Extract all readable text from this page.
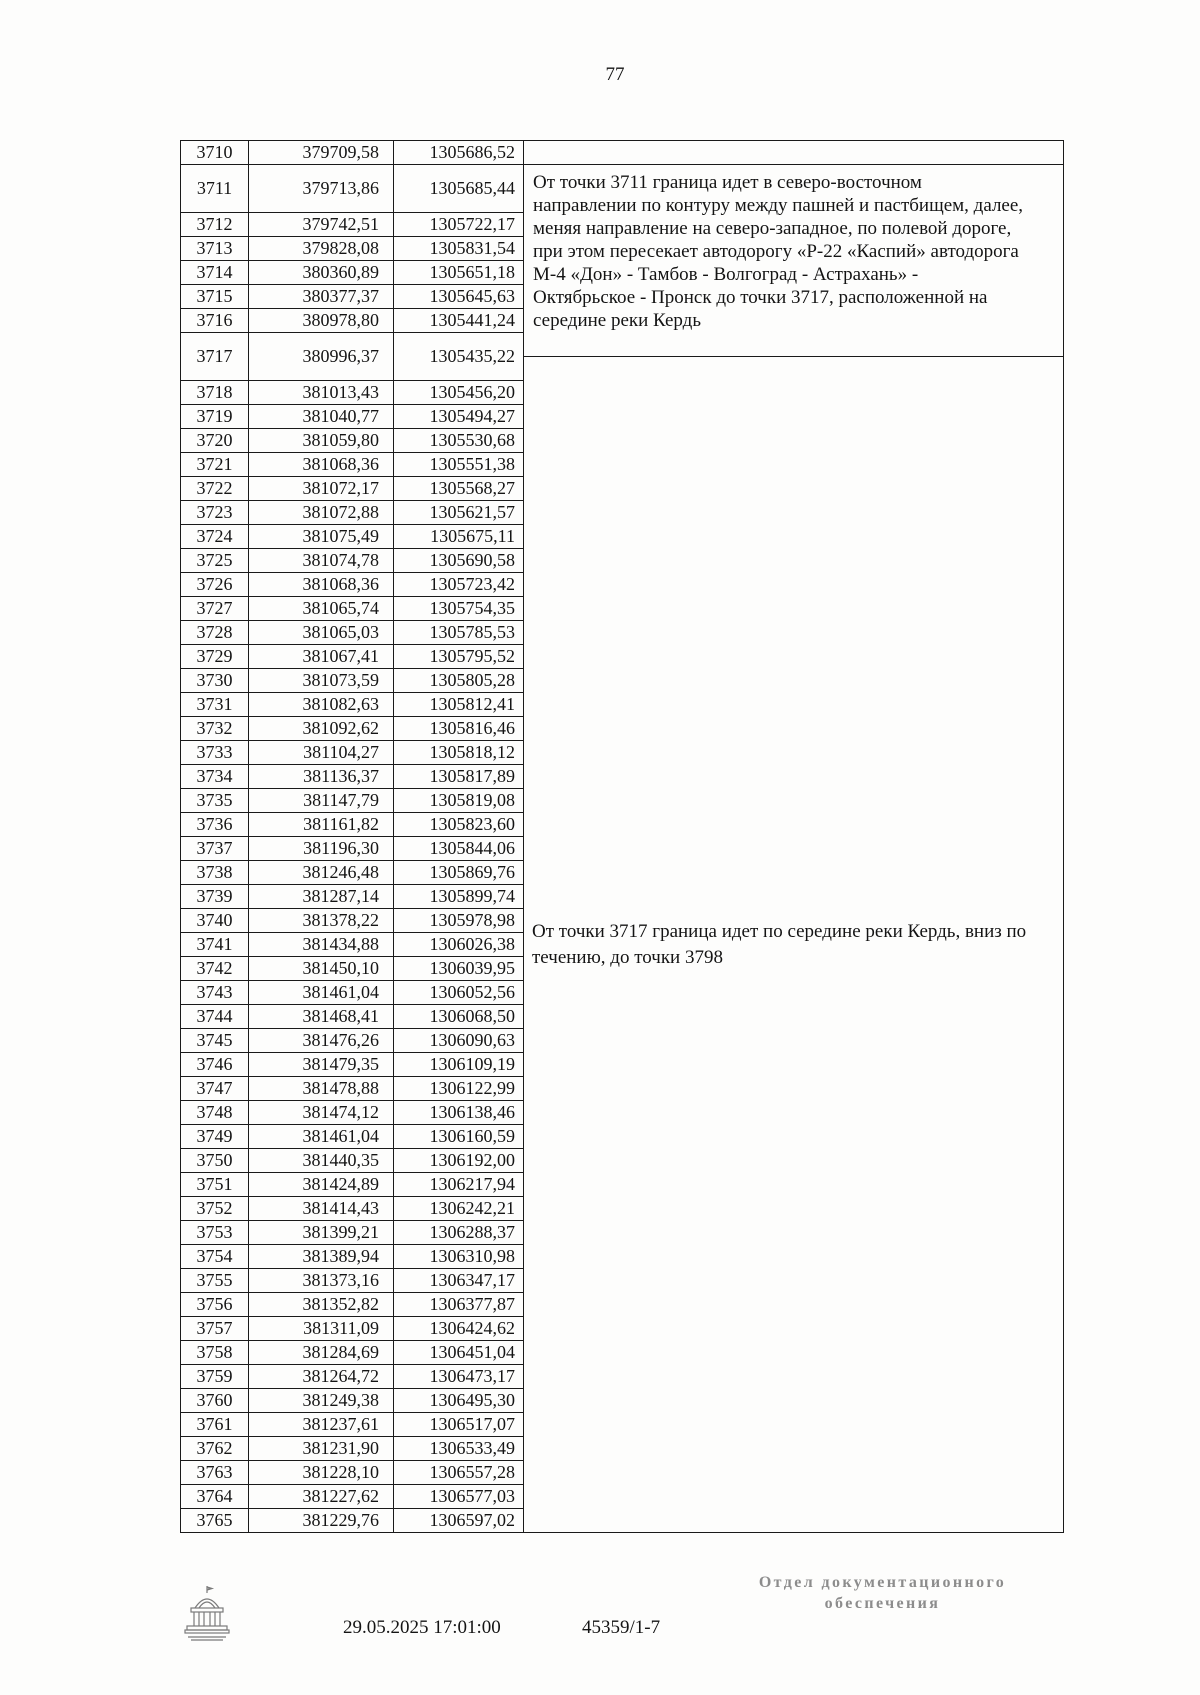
77
3710	379709,58	1305686,52
3711	379713,86	1305685,44
3712	379742,51	1305722,17
3713	379828,08	1305831,54
3714	380360,89	1305651,18
3715	380377,37	1305645,63
3716	380978,80	1305441,24
3717	380996,37	1305435,22
3718	381013,43	1305456,20
3719	381040,77	1305494,27
3720	381059,80	1305530,68
3721	381068,36	1305551,38
3722	381072,17	1305568,27
3723	381072,88	1305621,57
3724	381075,49	1305675,11
3725	381074,78	1305690,58
3726	381068,36	1305723,42
3727	381065,74	1305754,35
3728	381065,03	1305785,53
3729	381067,41	1305795,52
3730	381073,59	1305805,28
3731	381082,63	1305812,41
3732	381092,62	1305816,46
3733	381104,27	1305818,12
3734	381136,37	1305817,89
3735	381147,79	1305819,08
3736	381161,82	1305823,60
3737	381196,30	1305844,06
3738	381246,48	1305869,76
3739	381287,14	1305899,74
3740	381378,22	1305978,98
3741	381434,88	1306026,38
3742	381450,10	1306039,95
3743	381461,04	1306052,56
3744	381468,41	1306068,50
3745	381476,26	1306090,63
3746	381479,35	1306109,19
3747	381478,88	1306122,99
3748	381474,12	1306138,46
3749	381461,04	1306160,59
3750	381440,35	1306192,00
3751	381424,89	1306217,94
3752	381414,43	1306242,21
3753	381399,21	1306288,37
3754	381389,94	1306310,98
3755	381373,16	1306347,17
3756	381352,82	1306377,87
3757	381311,09	1306424,62
3758	381284,69	1306451,04
3759	381264,72	1306473,17
3760	381249,38	1306495,30
3761	381237,61	1306517,07
3762	381231,90	1306533,49
3763	381228,10	1306557,28
3764	381227,62	1306577,03
3765	381229,76	1306597,02
От точки 3711 граница идет в северо-восточном
направлении по контуру между пашней и пастбищем, далее,
меняя направление на северо-западное, по полевой дороге,
при этом пересекает автодорогу «Р-22 «Каспий» автодорога
М-4 «Дон» - Тамбов - Волгоград - Астрахань» -
Октябрьское - Пронск до точки 3717, расположенной на
середине реки Кердь
От точки 3717 граница идет по середине реки Кердь, вниз по
течению, до точки 3798
29.05.2025 17:01:00	45359/1-7
Отдел документационного
обеспечения
